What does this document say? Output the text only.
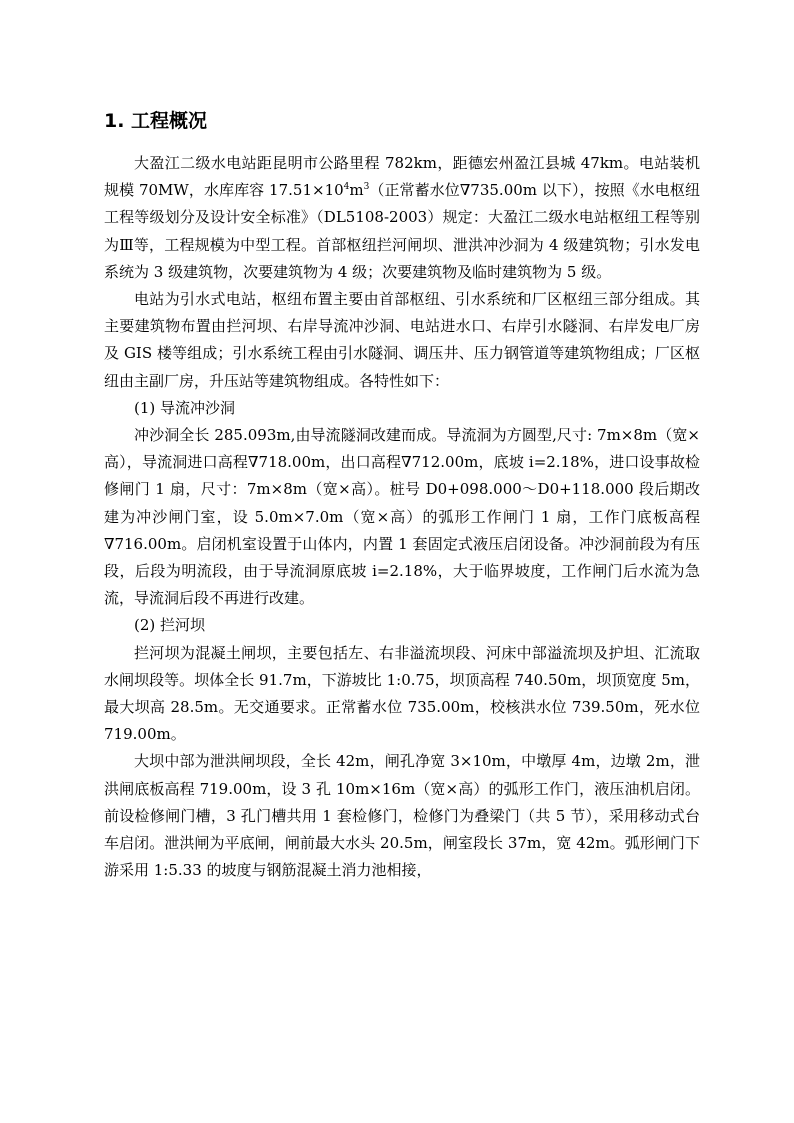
1. 工程概况

大盈江二级水电站距昆明市公路里程 782km，距德宏州盈江县城 47km。电站装机规模 70MW，水库库容 $17.51\times 10^4m^3$（正常蓄水位∇735.00m 以下），按照《水电枢纽工程等级划分及设计安全标准》（DL5108-2003）规定：大盈江二级水电站枢纽工程等别为Ⅲ等，工程规模为中型工程。首部枢纽拦河闸坝、泄洪冲沙洞为 4 级建筑物；引水发电系统为 3 级建筑物，次要建筑物为 4 级；次要建筑物及临时建筑物为 5 级。

电站为引水式电站，枢纽布置主要由首部枢纽、引水系统和厂区枢纽三部分组成。其主要建筑物布置由拦河坝、右岸导流冲沙洞、电站进水口、右岸引水隧洞、右岸发电厂房及 GIS 楼等组成；引水系统工程由引水隧洞、调压井、压力钢管道等建筑物组成；厂区枢纽由主副厂房，升压站等建筑物组成。各特性如下：

(1) 导流冲沙洞

冲沙洞全长 285.093m,由导流隧洞改建而成。导流洞为方圆型,尺寸: 7m×8m（宽×高），导流洞进口高程∇718.00m，出口高程∇712.00m，底坡 i=2.18%，进口设事故检修闸门 1 扇，尺寸：7m×8m（宽×高）。桩号 D0+098.000～D0+118.000 段后期改建为冲沙闸门室，设 5.0m×7.0m（宽×高）的弧形工作闸门 1 扇，工作门底板高程∇716.00m。启闭机室设置于山体内，内置 1 套固定式液压启闭设备。冲沙洞前段为有压段，后段为明流段，由于导流洞原底坡 i=2.18%，大于临界坡度，工作闸门后水流为急流，导流洞后段不再进行改建。

(2) 拦河坝

拦河坝为混凝土闸坝，主要包括左、右非溢流坝段、河床中部溢流坝及护坦、汇流取水闸坝段等。坝体全长 91.7m，下游坡比 1:0.75，坝顶高程 740.50m，坝顶宽度 5m，最大坝高 28.5m。无交通要求。正常蓄水位 735.00m，校核洪水位 739.50m，死水位 719.00m。

大坝中部为泄洪闸坝段，全长 42m，闸孔净宽 3×10m，中墩厚 4m，边墩 2m，泄洪闸底板高程 719.00m，设 3 孔 10m×16m（宽×高）的弧形工作门，液压油机启闭。前设检修闸门槽，3 孔门槽共用 1 套检修门，检修门为叠梁门（共 5 节），采用移动式台车启闭。泄洪闸为平底闸，闸前最大水头 20.5m，闸室段长 37m，宽 42m。弧形闸门下游采用 1:5.33 的坡度与钢筋混凝土消力池相接，
